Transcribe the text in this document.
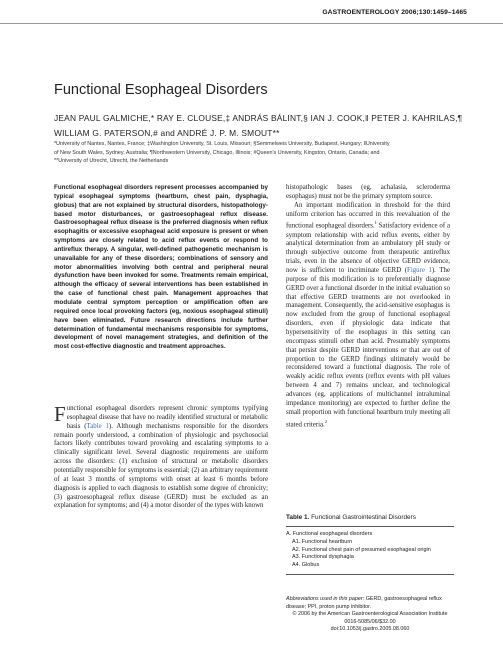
GASTROENTEROLOGY 2006;130:1459–1465
Functional Esophageal Disorders
JEAN PAUL GALMICHE,* RAY E. CLOUSE,‡ ANDRÁS BÁLINT,§ IAN J. COOK,‖ PETER J. KAHRILAS,¶
WILLIAM G. PATERSON,# and ANDRÉ J. P. M. SMOUT**
*University of Nantes, Nantes, France; ‡Washington University, St. Louis, Missouri; §Semmelweis University, Budapest, Hungary; ‖University
of New South Wales, Sydney, Australia; ¶Northwestern University, Chicago, Illinois; #Queen's University, Kingston, Ontario, Canada; and
**University of Utrecht, Utrecht, the Netherlands

Functional esophageal disorders represent processes accompanied by typical esophageal symptoms (heartburn, chest pain, dysphagia, globus) that are not explained by structural disorders, histopathology-based motor disturbances, or gastroesophageal reflux disease. Gastroesophageal reflux disease is the preferred diagnosis when reflux esophagitis or excessive esophageal acid exposure is present or when symptoms are closely related to acid reflux events or respond to antireflux therapy. A singular, well-defined pathogenetic mechanism is unavailable for any of these disorders; combinations of sensory and motor abnormalities involving both central and peripheral neural dysfunction have been invoked for some. Treatments remain empirical, although the efficacy of several interventions has been established in the case of functional chest pain. Management approaches that modulate central symptom perception or amplification often are required once local provoking factors (eg, noxious esophageal stimuli) have been eliminated. Future research directions include further determination of fundamental mechanisms responsible for symptoms, development of novel management strategies, and definition of the most cost-effective diagnostic and treatment approaches.

Functional esophageal disorders represent chronic symptoms typifying esophageal disease that have no readily identified structural or metabolic basis (Table 1). Although mechanisms responsible for the disorders remain poorly understood, a combination of physiologic and psychosocial factors likely contributes toward provoking and escalating symptoms to a clinically significant level. Several diagnostic requirements are uniform across the disorders: (1) exclusion of structural or metabolic disorders potentially responsible for symptoms is essential; (2) an arbitrary requirement of at least 3 months of symptoms with onset at least 6 months before diagnosis is applied to each diagnosis to establish some degree of chronicity; (3) gastroesophageal reflux disease (GERD) must be excluded as an explanation for symptoms; and (4) a motor disorder of the types with known

histopathologic bases (eg, achalasia, scleroderma esophagus) must not be the primary symptom source.

An important modification in threshold for the third uniform criterion has occurred in this reevaluation of the functional esophageal disorders.$^1$ Satisfactory evidence of a symptom relationship with acid reflux events, either by analytical determination from an ambulatory pH study or through subjective outcome from therapeutic antireflux trials, even in the absence of objective GERD evidence, now is sufficient to incriminate GERD (Figure 1). The purpose of this modification is to preferentially diagnose GERD over a functional disorder in the initial evaluation so that effective GERD treatments are not overlooked in management. Consequently, the acid-sensitive esophagus is now excluded from the group of functional esophageal disorders, even if physiologic data indicate that hypersensitivity of the esophagus in this setting can encompass stimuli other than acid. Presumably symptoms that persist despite GERD interventions or that are out of proportion to the GERD findings ultimately would be reconsidered toward a functional diagnosis. The role of weakly acidic reflux events (reflux events with pH values between 4 and 7) remains unclear, and technological advances (eg, applications of multichannel intraluminal impedance monitoring) are expected to further define the small proportion with functional heartburn truly meeting all stated criteria.$^2$

Table 1. Functional Gastrointestinal Disorders
A. Functional esophageal disorders
A1. Functional heartburn
A2. Functional chest pain of presumed esophageal origin
A3. Functional dysphagia
A4. Globus
Abbreviations used in this paper: GERD, gastroesophageal reflux disease; PPI, proton pump inhibitor.
© 2006 by the American Gastroenterological Association Institute
0016-5085/06/$32.00
doi:10.1053/j.gastro.2005.08.060
